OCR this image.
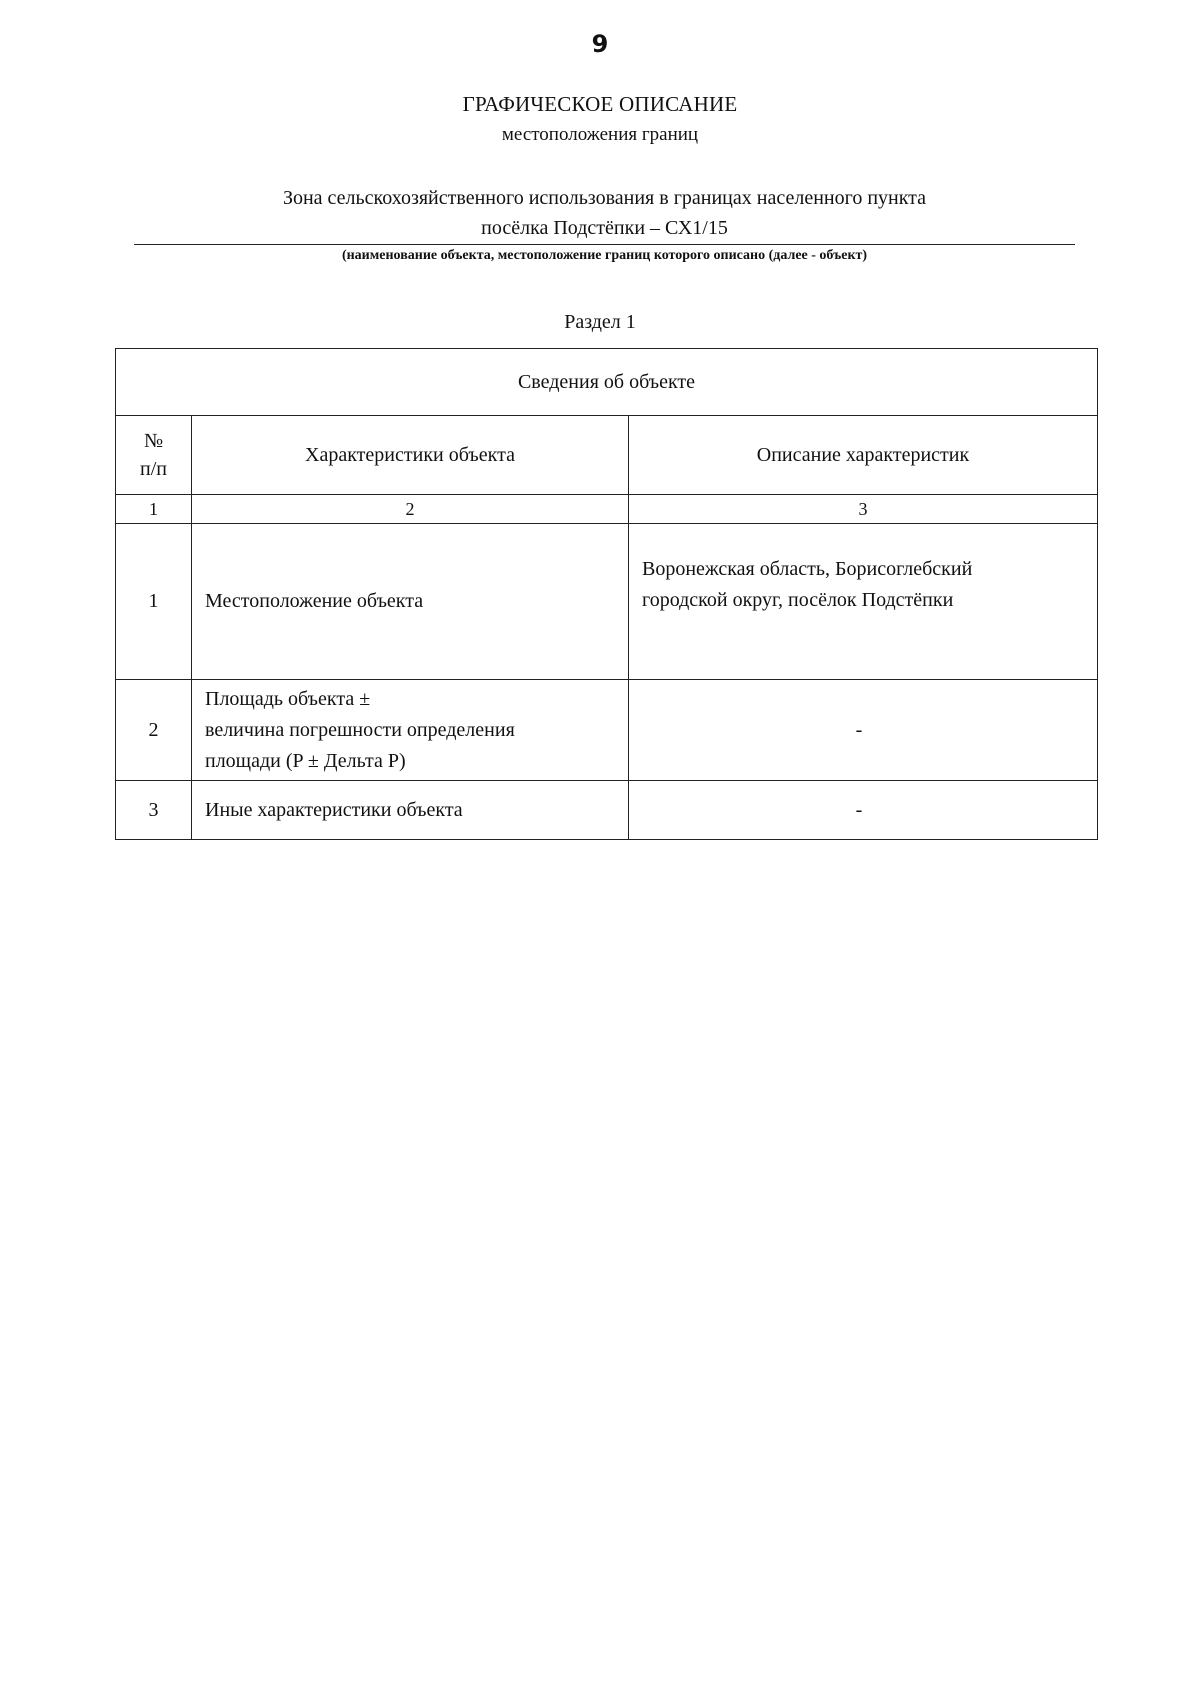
9
ГРАФИЧЕСКОЕ ОПИСАНИЕ
местоположения границ
Зона сельскохозяйственного использования в границах населенного пункта
посёлка Подстёпки – СХ1/15
(наименование объекта, местоположение границ которого описано (далее - объект)
Раздел 1
Сведения об объекте		

№
п/п	Характеристики объекта	Описание характеристик
1	2	3
1	Местоположение объекта	Воронежская область, Борисоглебский
городской округ, посёлок Подстёпки

2	Площадь объекта ±
величина погрешности определения
площади (P ± Дельта P)	-

3	Иные характеристики объекта	-
